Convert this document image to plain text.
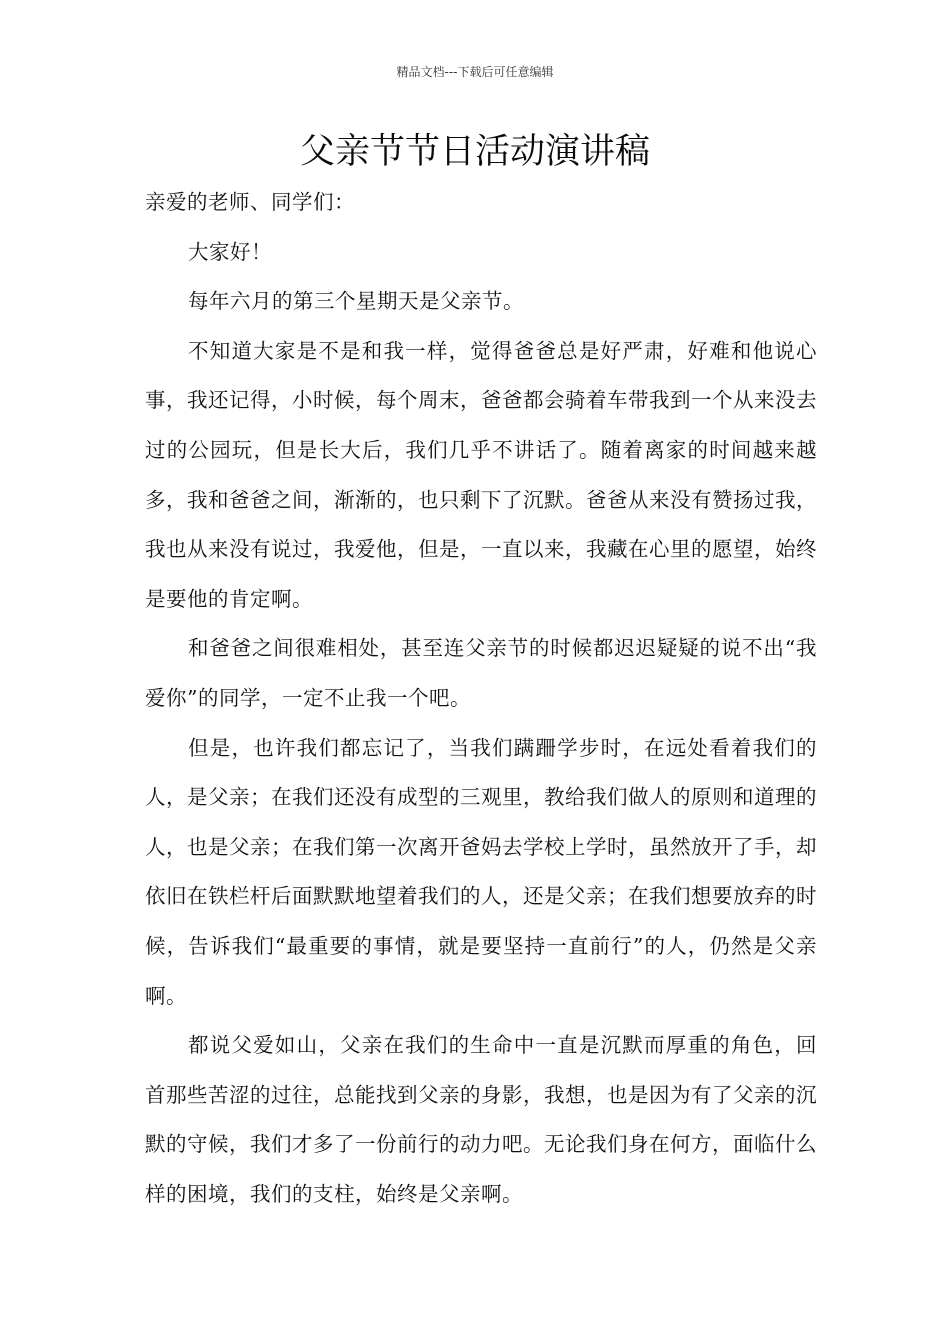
精品文档---下载后可任意编辑
父亲节节日活动演讲稿

亲爱的老师、同学们：

大家好！

每年六月的第三个星期天是父亲节。

不知道大家是不是和我一样，觉得爸爸总是好严肃，好难和他说心事，我还记得，小时候，每个周末，爸爸都会骑着车带我到一个从来没去过的公园玩，但是长大后，我们几乎不讲话了。随着离家的时间越来越多，我和爸爸之间，渐渐的，也只剩下了沉默。爸爸从来没有赞扬过我，我也从来没有说过，我爱他，但是，一直以来，我藏在心里的愿望，始终是要他的肯定啊。

和爸爸之间很难相处，甚至连父亲节的时候都迟迟疑疑的说不出“我爱你”的同学，一定不止我一个吧。

但是，也许我们都忘记了，当我们蹒跚学步时，在远处看着我们的人，是父亲；在我们还没有成型的三观里，教给我们做人的原则和道理的人，也是父亲；在我们第一次离开爸妈去学校上学时，虽然放开了手，却依旧在铁栏杆后面默默地望着我们的人，还是父亲；在我们想要放弃的时候，告诉我们“最重要的事情，就是要坚持一直前行”的人，仍然是父亲啊。

都说父爱如山，父亲在我们的生命中一直是沉默而厚重的角色，回首那些苦涩的过往，总能找到父亲的身影，我想，也是因为有了父亲的沉默的守候，我们才多了一份前行的动力吧。无论我们身在何方，面临什么样的困境，我们的支柱，始终是父亲啊。
